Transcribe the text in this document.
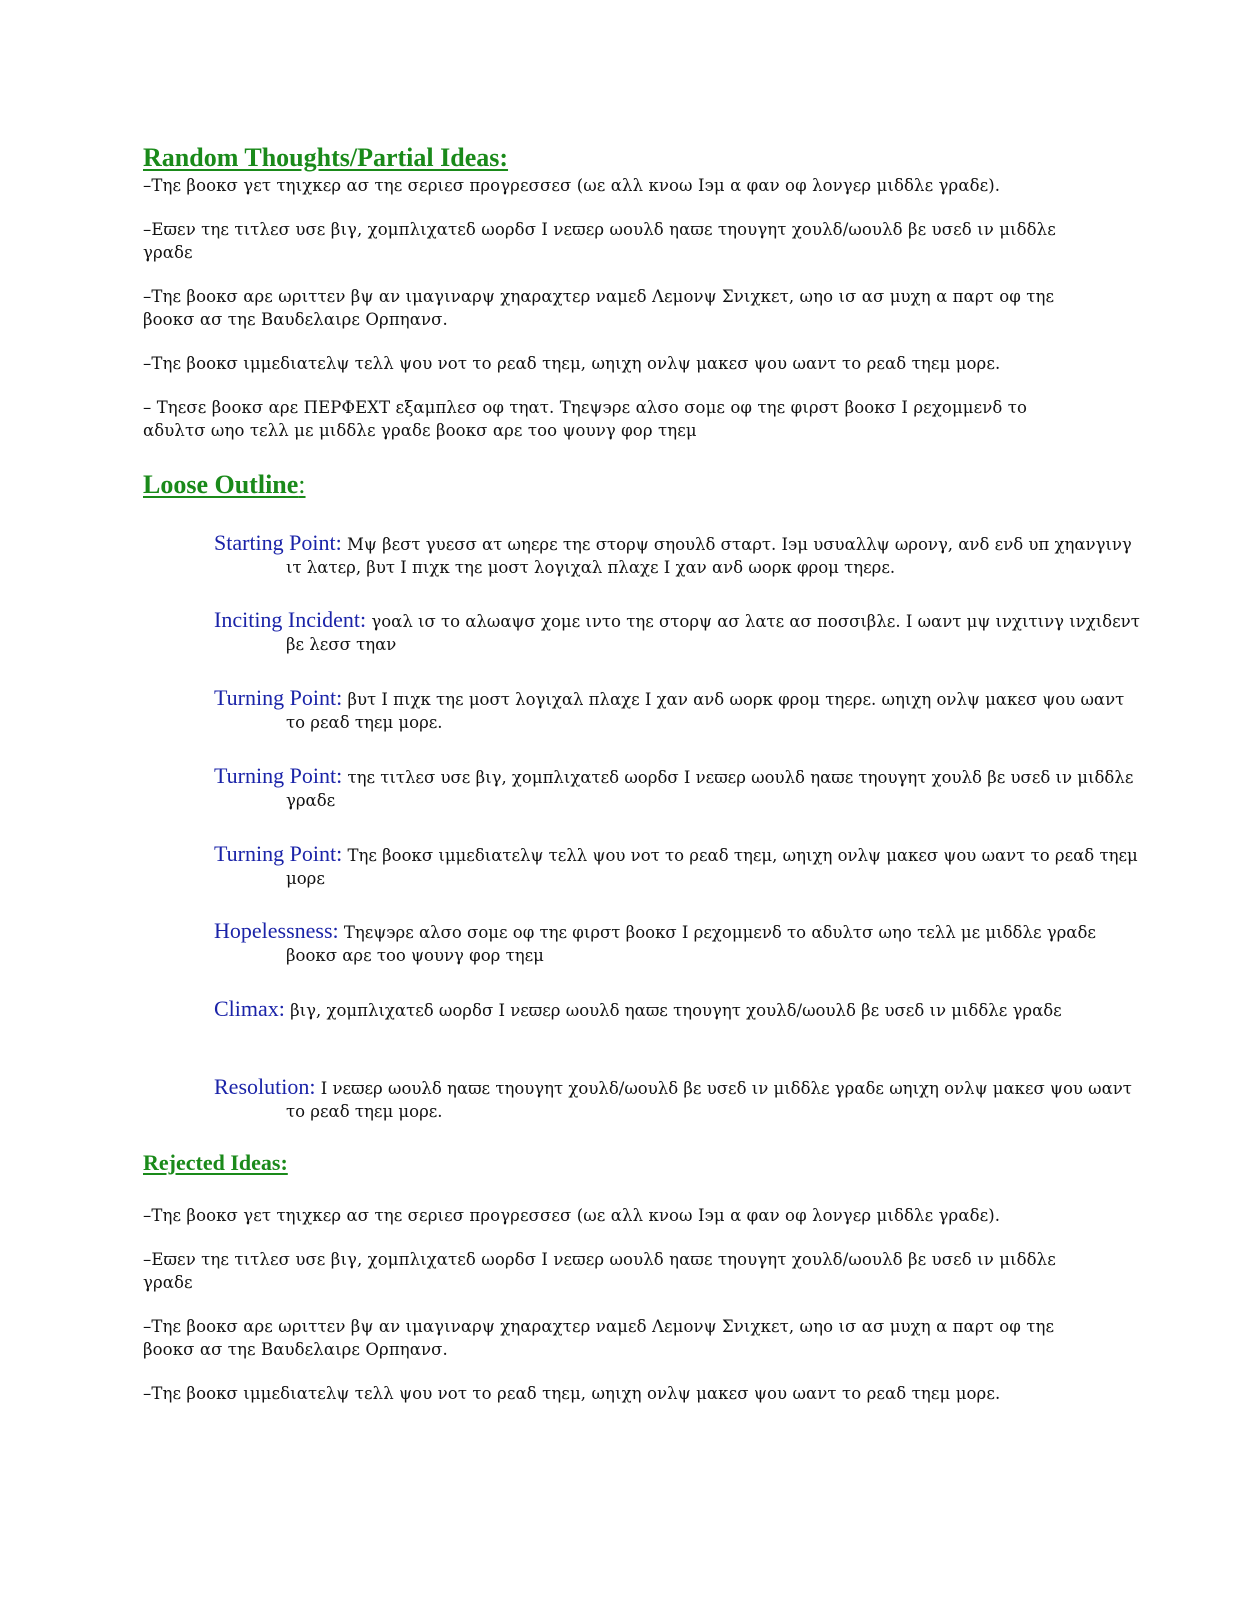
Random Thoughts/Partial Ideas:

–Τηε βοοκσ γετ τηιχκερ ασ τηε σεριεσ προγρεσσεσ (ωε αλλ κνοω Ιэμ α φαν οφ λονγερ μιδδλε γραδε).

–Εϖεν τηε τιτλεσ υσε βιγ, χομπλιχατεδ ωορδσ Ι νεϖερ ωουλδ ηαϖε τηουγητ χουλδ/ωουλδ βε υσεδ ιν μιδδλε γραδε

–Τηε βοοκσ αρε ωριττεν βψ αν ιμαγιναρψ χηαραχτερ ναμεδ Λεμονψ Σνιχκετ, ωηο ισ ασ μυχη α παρτ οφ τηε βοοκσ ασ τηε Βαυδελαιρε Ορπηανσ.

–Τηε βοοκσ ιμμεδιατελψ τελλ ψου νοτ το ρεαδ τηεμ, ωηιχη ονλψ μακεσ ψου ωαντ το ρεαδ τηεμ μορε.

– Τηεσε βοοκσ αρε ΠΕΡΦΕΧΤ εξαμπλεσ οφ τηατ. Τηεψэρε αλσο σομε οφ τηε φιρστ βοοκσ Ι ρεχομμενδ το αδυλτσ ωηο τελλ με μιδδλε γραδε βοοκσ αρε τοο ψουνγ φορ τηεμ

Loose Outline:

Starting Point: Μψ βεστ γυεσσ ατ ωηερε τηε στορψ σηουλδ σταρτ. Ιэμ υσυαλλψ ωρονγ, ανδ ενδ υπ χηανγινγ ιτ λατερ, βυτ Ι πιχκ τηε μοστ λογιχαλ πλαχε Ι χαν ανδ ωορκ φρομ τηερε.

Inciting Incident: γοαλ ισ το αλωαψσ χομε ιντο τηε στορψ ασ λατε ασ ποσσιβλε. Ι ωαντ μψ ινχιτινγ ινχιδεντ βε λεσσ τηαν

Turning Point: βυτ Ι πιχκ τηε μοστ λογιχαλ πλαχε Ι χαν ανδ ωορκ φρομ τηερε. ωηιχη ονλψ μακεσ ψου ωαντ το ρεαδ τηεμ μορε.

Turning Point: τηε τιτλεσ υσε βιγ, χομπλιχατεδ ωορδσ Ι νεϖερ ωουλδ ηαϖε τηουγητ χουλδ βε υσεδ ιν μιδδλε γραδε

Turning Point: Τηε βοοκσ ιμμεδιατελψ τελλ ψου νοτ το ρεαδ τηεμ, ωηιχη ονλψ μακεσ ψου ωαντ το ρεαδ τηεμ μορε

Hopelessness: Τηεψэρε αλσο σομε οφ τηε φιρστ βοοκσ Ι ρεχομμενδ το αδυλτσ ωηο τελλ με μιδδλε γραδε βοοκσ αρε τοο ψουνγ φορ τηεμ

Climax: βιγ, χομπλιχατεδ ωορδσ Ι νεϖερ ωουλδ ηαϖε τηουγητ χουλδ/ωουλδ βε υσεδ ιν μιδδλε γραδε

Resolution: Ι νεϖερ ωουλδ ηαϖε τηουγητ χουλδ/ωουλδ βε υσεδ ιν μιδδλε γραδε ωηιχη ονλψ μακεσ ψου ωαντ το ρεαδ τηεμ μορε.

Rejected Ideas:

–Τηε βοοκσ γετ τηιχκερ ασ τηε σεριεσ προγρεσσεσ (ωε αλλ κνοω Ιэμ α φαν οφ λονγερ μιδδλε γραδε).

–Εϖεν τηε τιτλεσ υσε βιγ, χομπλιχατεδ ωορδσ Ι νεϖερ ωουλδ ηαϖε τηουγητ χουλδ/ωουλδ βε υσεδ ιν μιδδλε γραδε

–Τηε βοοκσ αρε ωριττεν βψ αν ιμαγιναρψ χηαραχτερ ναμεδ Λεμονψ Σνιχκετ, ωηο ισ ασ μυχη α παρτ οφ τηε βοοκσ ασ τηε Βαυδελαιρε Ορπηανσ.

–Τηε βοοκσ ιμμεδιατελψ τελλ ψου νοτ το ρεαδ τηεμ, ωηιχη ονλψ μακεσ ψου ωαντ το ρεαδ τηεμ μορε.
